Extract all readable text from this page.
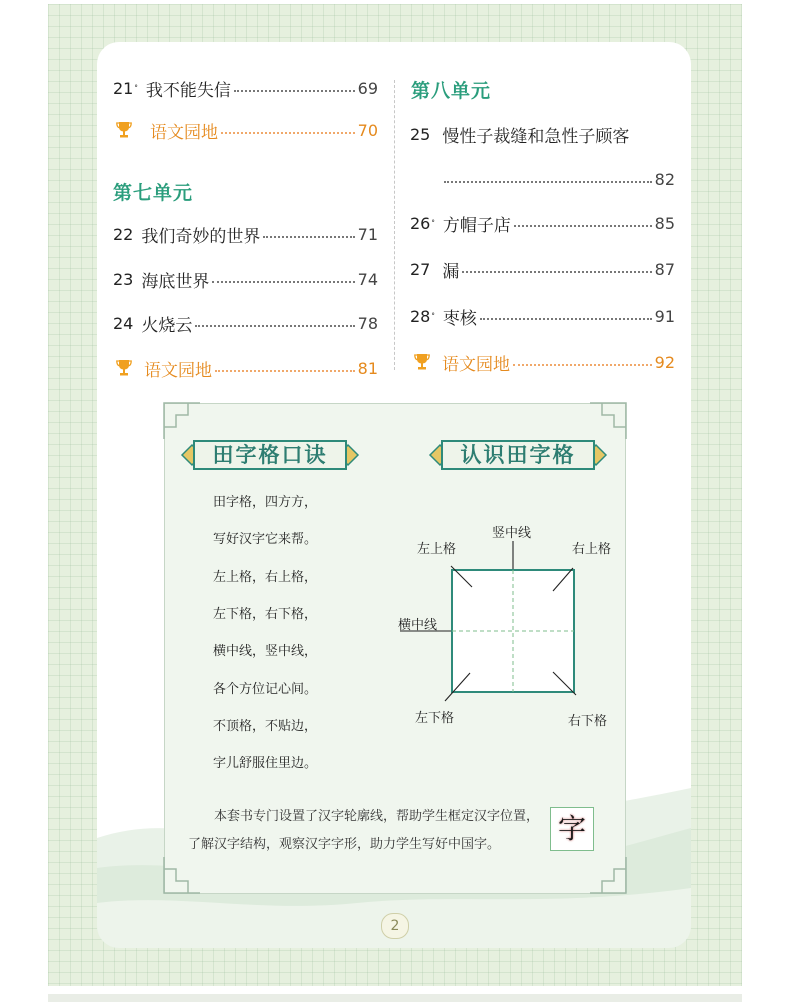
21 ° 我不能失信	69
语文园地	70
第七单元
22 我们奇妙的世界	71
23 海底世界	74
24 火烧云	78
语文园地	81
第八单元
25 慢性子裁缝和急性子顾客
82
26 ° 方帽子店	85
27 漏	87
28 ° 枣核	91
语文园地	92
田字格口诀	认识田字格
田字格，四方方，
写好汉字它来帮。
左上格，右上格，
左下格，右下格，
横中线，竖中线，
各个方位记心间。
不顶格，不贴边，
字儿舒服住里边。
竖中线
左上格	右上格
横中线
左下格	右下格

本套书专门设置了汉字轮廓线，帮助学生框定汉字位置，了解汉字结构，观察汉字字形，助力学生写好中国字。	字
2
